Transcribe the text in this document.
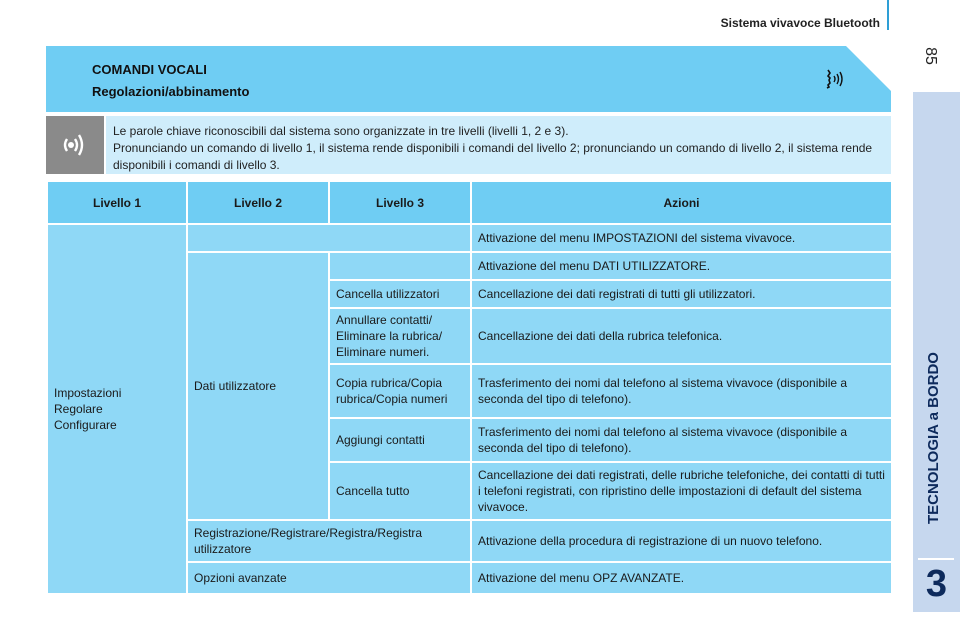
Sistema vivavoce Bluetooth
85
TECNOLOGIA a BORDO
3
COMANDI VOCALI
Regolazioni/abbinamento

Le parole chiave riconoscibili dal sistema sono organizzate in tre livelli (livelli 1, 2 e 3).
Pronunciando un comando di livello 1, il sistema rende disponibili i comandi del livello 2; pronunciando un comando di livello 2, il sistema rende disponibili i comandi di livello 3.

Livello 1	Livello 2	Livello 3	Azioni
Impostazioni
Regolare
Configurare			Attivazione del menu IMPOSTAZIONI del sistema vivavoce.
	Dati utilizzatore		Attivazione del menu DATI UTILIZZATORE.
		Cancella utilizzatori	Cancellazione dei dati registrati di tutti gli utilizzatori.
		Annullare contatti/
Eliminare la rubrica/
Eliminare numeri.	Cancellazione dei dati della rubrica telefonica.
		Copia rubrica/Copia
rubrica/Copia numeri	Trasferimento dei nomi dal telefono al sistema vivavoce (disponibile a seconda del tipo di telefono).
		Aggiungi contatti	Trasferimento dei nomi dal telefono al sistema vivavoce (disponibile a seconda del tipo di telefono).
		Cancella tutto	Cancellazione dei dati registrati, delle rubriche telefoniche, dei contatti di tutti i telefoni registrati, con ripristino delle impostazioni di default del sistema vivavoce.
	Registrazione/Registrare/Registra/Registra
utilizzatore		Attivazione della procedura di registrazione di un nuovo telefono.
	Opzioni avanzate		Attivazione del menu OPZ AVANZATE.
